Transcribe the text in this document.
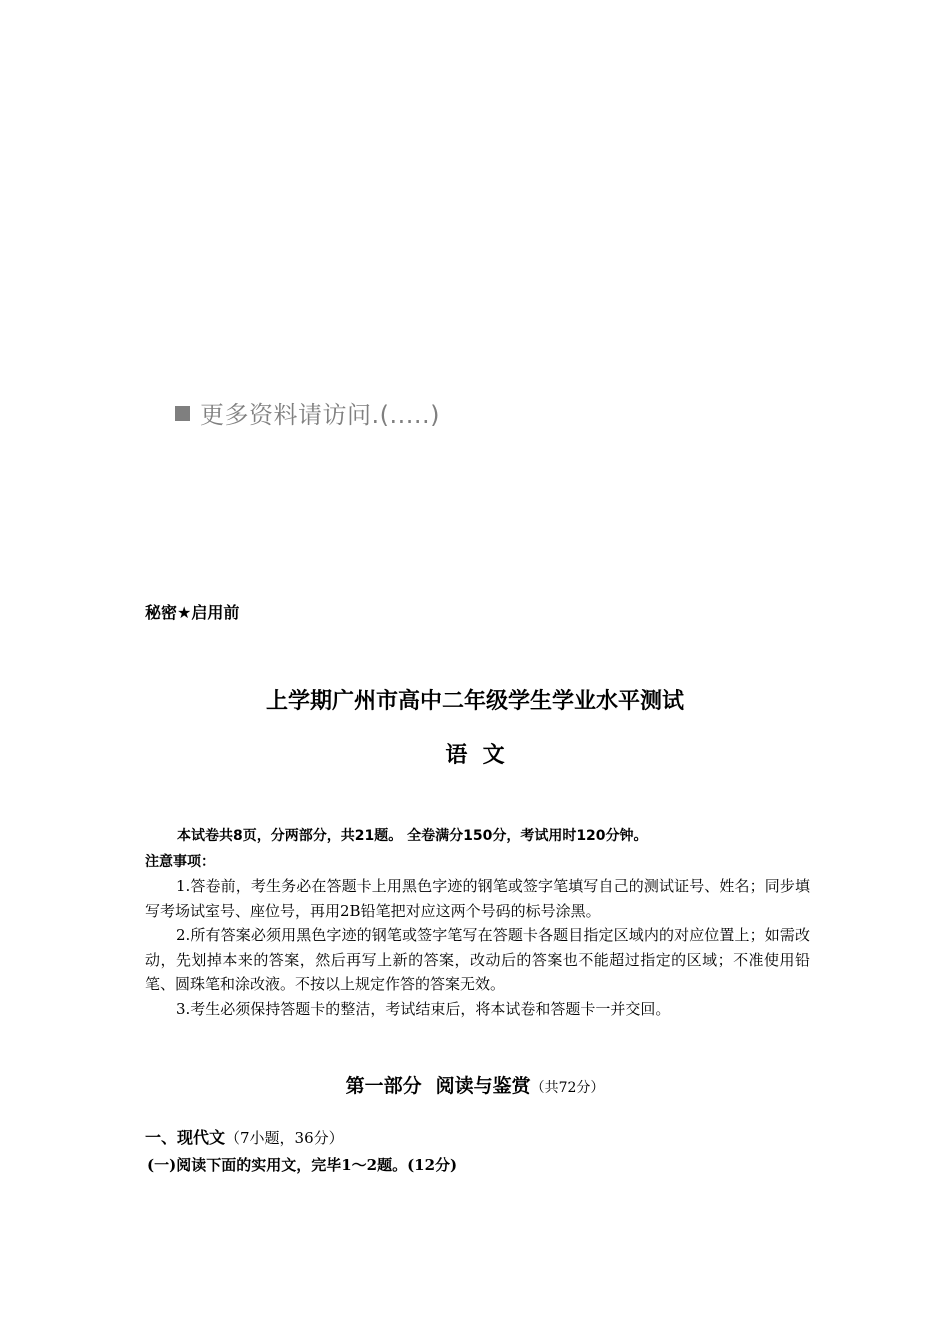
更多资料请访问.(.....)
秘密★启用前
上学期广州市高中二年级学生学业水平测试
语  文
本试卷共8页，分两部分，共21题。 全卷满分150分，考试用时120分钟。
注意事项：
1.答卷前，考生务必在答题卡上用黑色字迹的钢笔或签字笔填写自己的测试证号、姓名；同步填写考场试室号、座位号，再用2B铅笔把对应这两个号码的标号涂黑。
2.所有答案必须用黑色字迹的钢笔或签字笔写在答题卡各题目指定区域内的对应位置上；如需改动，先划掉本来的答案，然后再写上新的答案，改动后的答案也不能超过指定的区域；不准使用铅笔、圆珠笔和涂改液。不按以上规定作答的答案无效。
3.考生必须保持答题卡的整洁，考试结束后，将本试卷和答题卡一并交回。
第一部分 阅读与鉴赏（共72分）
一、现代文（7小题，36分）
(一)阅读下面的实用文，完毕1～2题。(12分)
